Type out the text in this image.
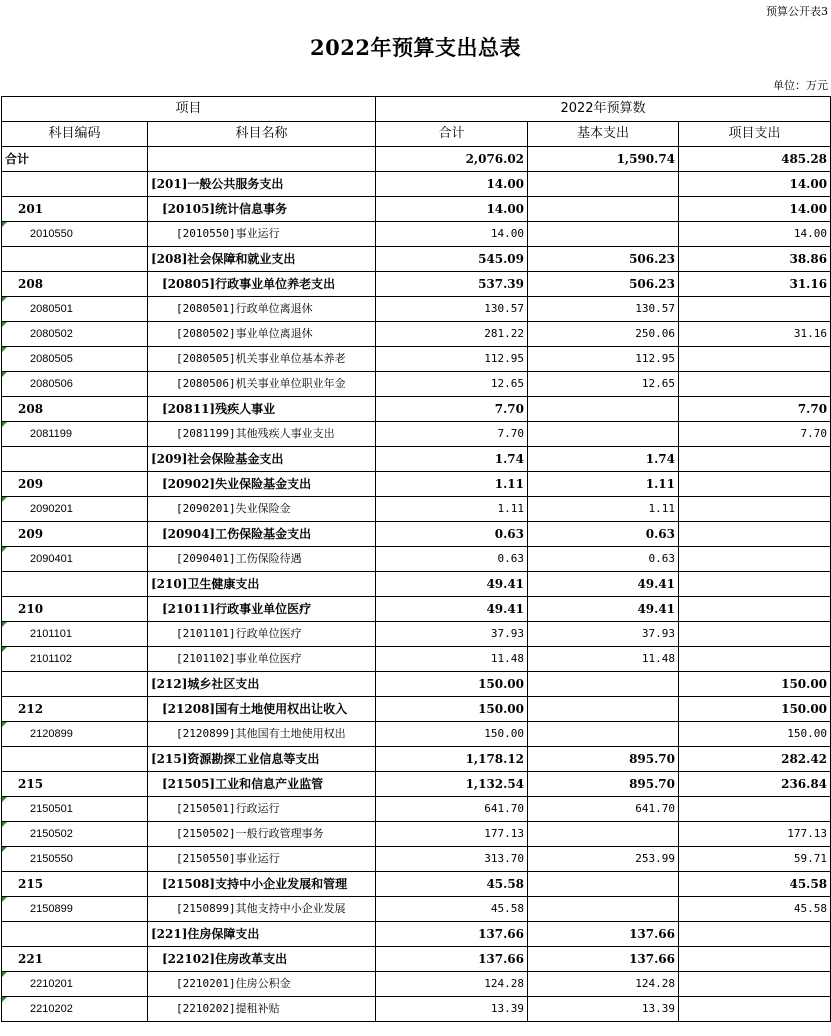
预算公开表3
2022年预算支出总表
单位：万元
项目		2022年预算数		
科目编码	科目名称	合计	基本支出	项目支出
合计		2,076.02	1,590.74	485.28
	[201]一般公共服务支出	14.00		14.00
201	[20105]统计信息事务	14.00		14.00

2010550	[2010550]事业运行	14.00		14.00
	[208]社会保障和就业支出	545.09	506.23	38.86
208	[20805]行政事业单位养老支出	537.39	506.23	31.16

2080501	[2080501]行政单位离退休	130.57	130.57	

2080502	[2080502]事业单位离退休	281.22	250.06	31.16

2080505	[2080505]机关事业单位基本养老	112.95	112.95	

2080506	[2080506]机关事业单位职业年金	12.65	12.65	
208	[20811]残疾人事业	7.70		7.70

2081199	[2081199]其他残疾人事业支出	7.70		7.70
	[209]社会保险基金支出	1.74	1.74	
209	[20902]失业保险基金支出	1.11	1.11	

2090201	[2090201]失业保险金	1.11	1.11	
209	[20904]工伤保险基金支出	0.63	0.63	

2090401	[2090401]工伤保险待遇	0.63	0.63	
	[210]卫生健康支出	49.41	49.41	
210	[21011]行政事业单位医疗	49.41	49.41	

2101101	[2101101]行政单位医疗	37.93	37.93	

2101102	[2101102]事业单位医疗	11.48	11.48	
	[212]城乡社区支出	150.00		150.00
212	[21208]国有土地使用权出让收入	150.00		150.00

2120899	[2120899]其他国有土地使用权出	150.00		150.00
	[215]资源勘探工业信息等支出	1,178.12	895.70	282.42
215	[21505]工业和信息产业监管	1,132.54	895.70	236.84

2150501	[2150501]行政运行	641.70	641.70	

2150502	[2150502]一般行政管理事务	177.13		177.13

2150550	[2150550]事业运行	313.70	253.99	59.71
215	[21508]支持中小企业发展和管理	45.58		45.58

2150899	[2150899]其他支持中小企业发展	45.58		45.58
	[221]住房保障支出	137.66	137.66	
221	[22102]住房改革支出	137.66	137.66	

2210201	[2210201]住房公积金	124.28	124.28	

2210202	[2210202]提租补贴	13.39	13.39	
